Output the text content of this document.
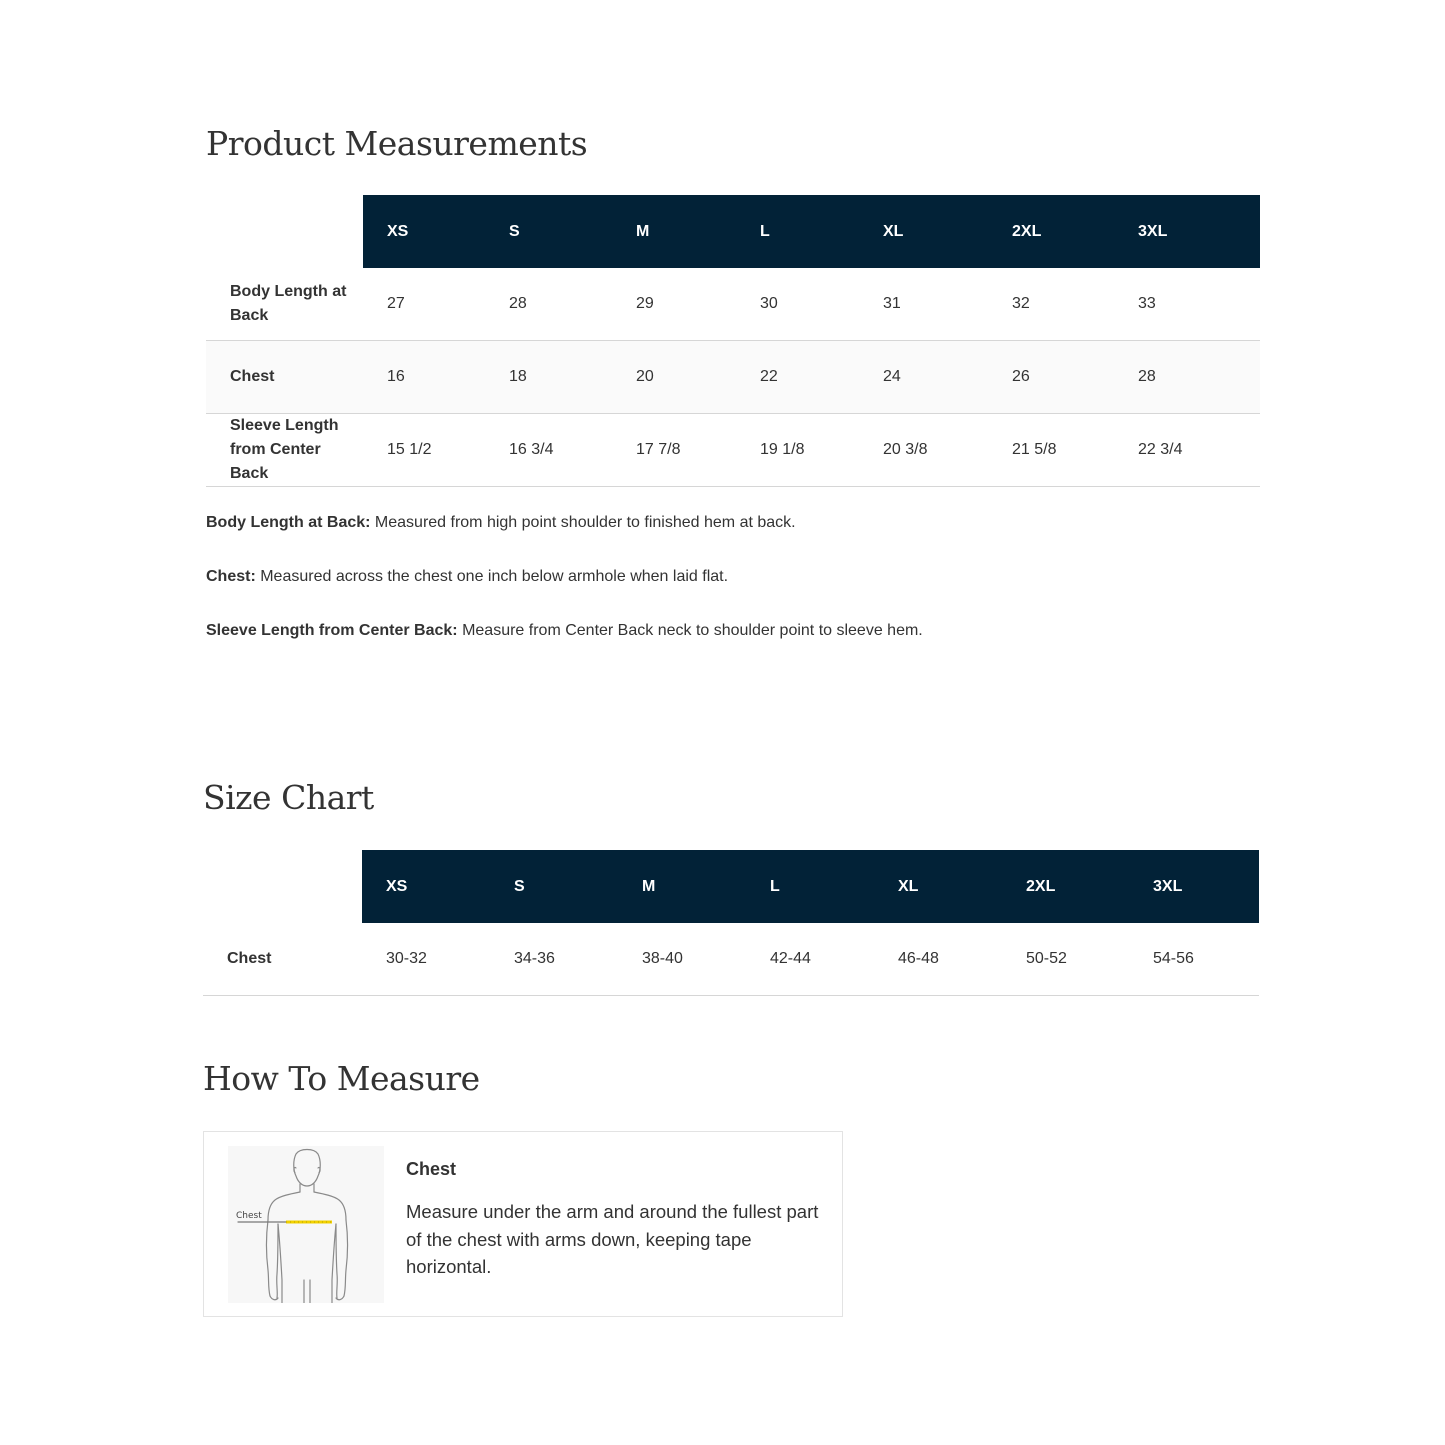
Product Measurements
	XS	S	M	L	XL	2XL	3XL
Body Length at Back	27	28	29	30	31	32	33
Chest	16	18	20	22	24	26	28
Sleeve Length from Center Back	15 1/2	16 3/4	17 7/8	19 1/8	20 3/8	21 5/8	22 3/4

Body Length at Back: Measured from high point shoulder to finished hem at back.

Chest: Measured across the chest one inch below armhole when laid flat.

Sleeve Length from Center Back: Measure from Center Back neck to shoulder point to sleeve hem.

Size Chart
	XS	S	M	L	XL	2XL	3XL
Chest	30-32	34-36	38-40	42-44	46-48	50-52	54-56
How To Measure
Chest
Chest
Measure under the arm and around the fullest part of the chest with arms down, keeping tape horizontal.
